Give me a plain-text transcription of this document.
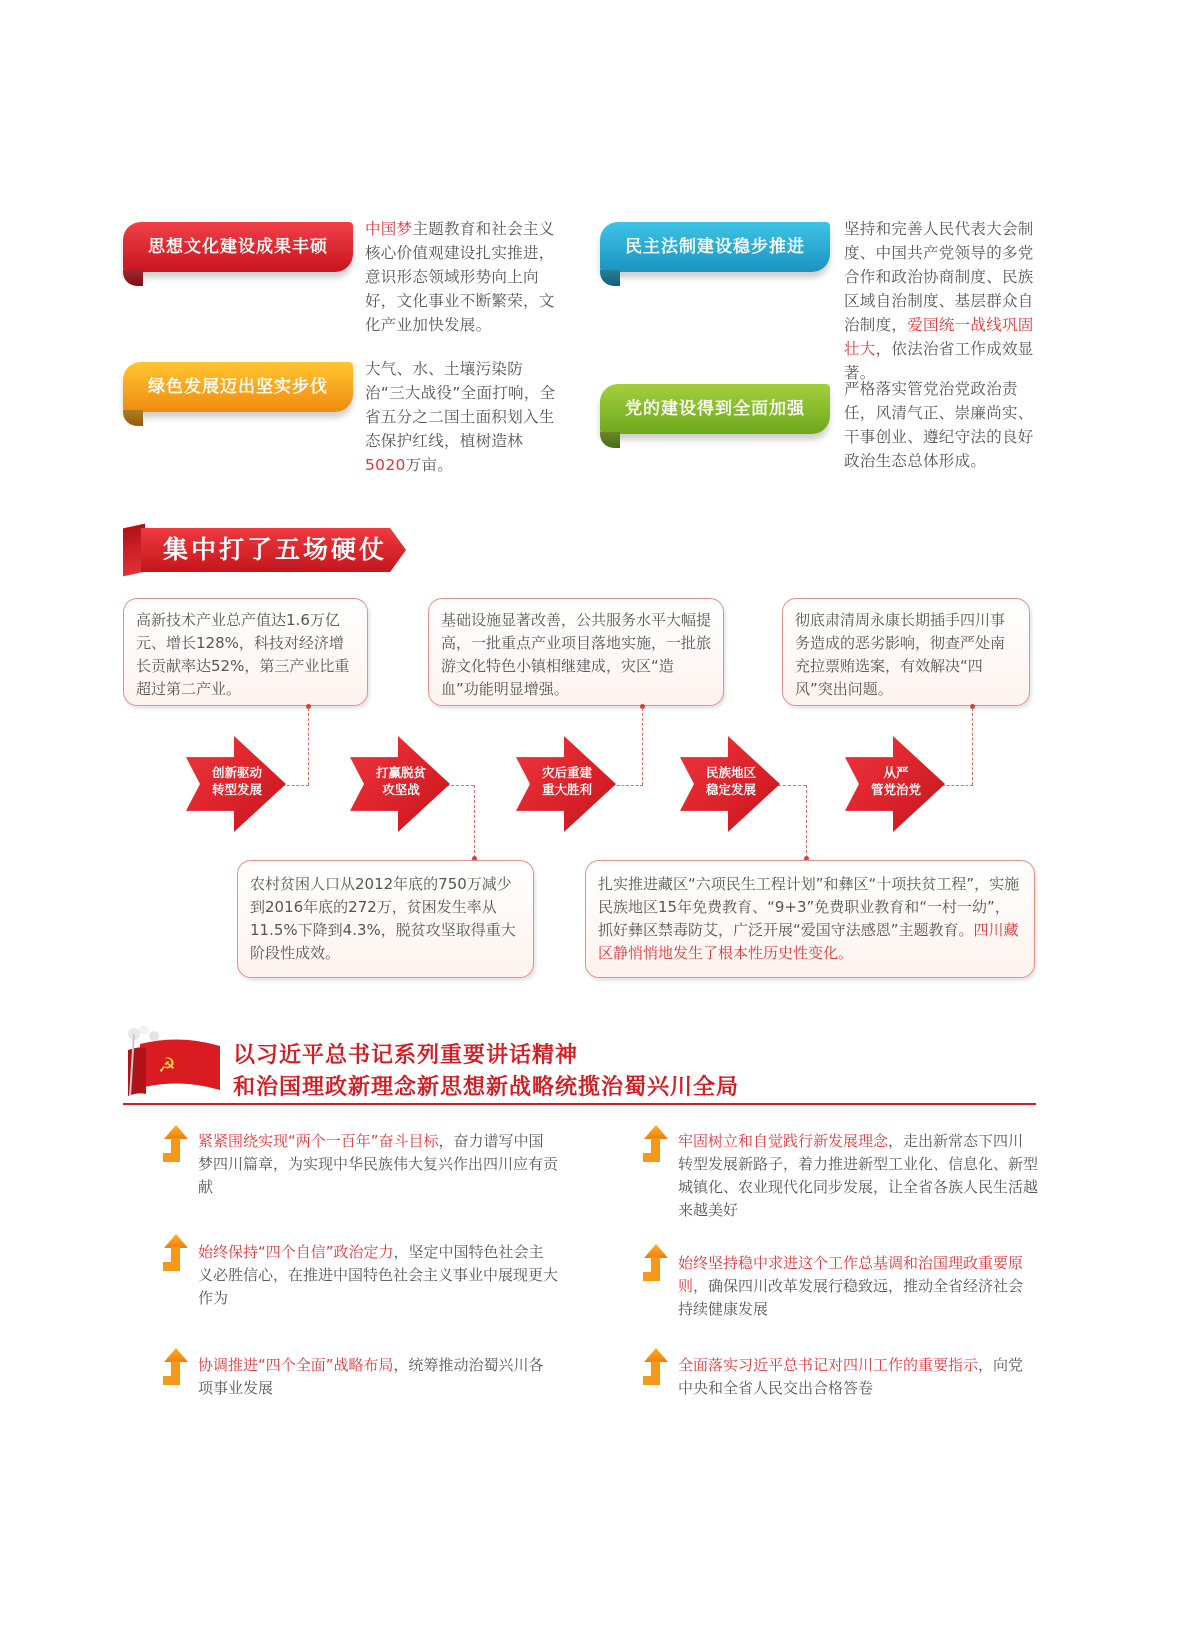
思想文化建设成果丰硕
中国梦主题教育和社会主义核心价值观建设扎实推进，意识形态领域形势向上向好，文化事业不断繁荣，文化产业加快发展。
民主法制建设稳步推进
坚持和完善人民代表大会制度、中国共产党领导的多党合作和政治协商制度、民族区域自治制度、基层群众自治制度，爱国统一战线巩固壮大，依法治省工作成效显著。
绿色发展迈出坚实步伐
大气、水、土壤污染防治“三大战役”全面打响，全省五分之二国土面积划入生态保护红线，植树造林5020万亩。
党的建设得到全面加强
严格落实管党治党政治责任，风清气正、崇廉尚实、干事创业、遵纪守法的良好政治生态总体形成。
集中打了五场硬仗
高新技术产业总产值达1.6万亿元、增长128%，科技对经济增长贡献率达52%，第三产业比重超过第二产业。
基础设施显著改善，公共服务水平大幅提高，一批重点产业项目落地实施，一批旅游文化特色小镇相继建成，灾区“造血”功能明显增强。
彻底肃清周永康长期插手四川事务造成的恶劣影响，彻查严处南充拉票贿选案，有效解决“四风”突出问题。
创新驱动
转型发展
打赢脱贫
攻坚战
灾后重建
重大胜利
民族地区
稳定发展
从严
管党治党
农村贫困人口从2012年底的750万减少到2016年底的272万，贫困发生率从11.5%下降到4.3%，脱贫攻坚取得重大阶段性成效。
扎实推进藏区“六项民生工程计划”和彝区“十项扶贫工程”，实施民族地区15年免费教育、“9+3”免费职业教育和“一村一幼”，抓好彝区禁毒防艾，广泛开展“爱国守法感恩”主题教育。四川藏区静悄悄地发生了根本性历史性变化。
☭	以习近平总书记系列重要讲话精神
和治国理政新理念新思想新战略统揽治蜀兴川全局
紧紧围绕实现“两个一百年”奋斗目标，奋力谱写中国梦四川篇章，为实现中华民族伟大复兴作出四川应有贡献
始终保持“四个自信”政治定力，坚定中国特色社会主义必胜信心，在推进中国特色社会主义事业中展现更大作为
协调推进“四个全面”战略布局，统筹推动治蜀兴川各项事业发展
牢固树立和自觉践行新发展理念，走出新常态下四川转型发展新路子，着力推进新型工业化、信息化、新型城镇化、农业现代化同步发展，让全省各族人民生活越来越美好
始终坚持稳中求进这个工作总基调和治国理政重要原则，确保四川改革发展行稳致远，推动全省经济社会持续健康发展
全面落实习近平总书记对四川工作的重要指示，向党中央和全省人民交出合格答卷
